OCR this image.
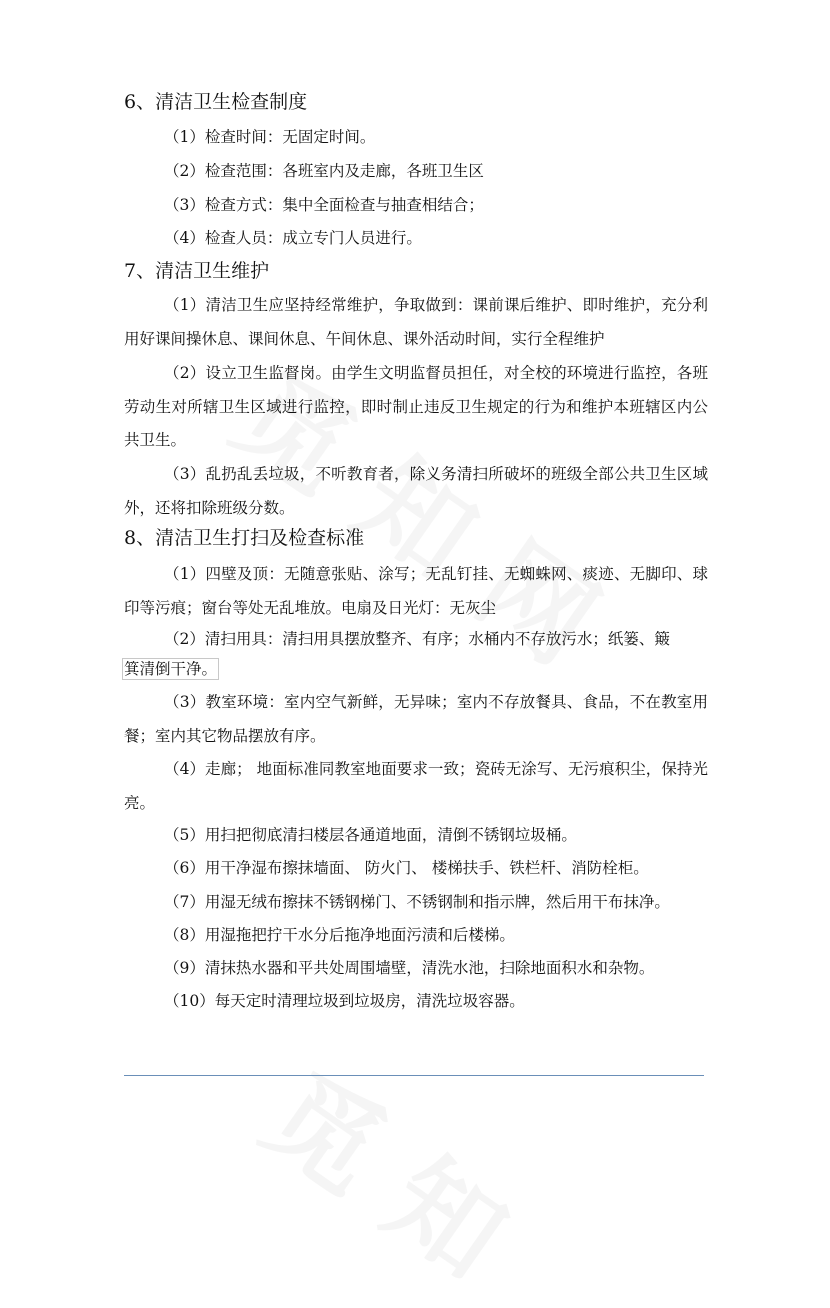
6、清洁卫生检查制度

（1）检查时间：无固定时间。

（2）检查范围：各班室内及走廊，各班卫生区

（3）检查方式：集中全面检查与抽查相结合；

（4）检查人员：成立专门人员进行。

7、清洁卫生维护

（1）清洁卫生应坚持经常维护，争取做到：课前课后维护、即时维护，充分利用好课间操休息、课间休息、午间休息、课外活动时间，实行全程维护

（2）设立卫生监督岗。由学生文明监督员担任，对全校的环境进行监控，各班劳动生对所辖卫生区域进行监控，即时制止违反卫生规定的行为和维护本班辖区内公共卫生。

（3）乱扔乱丢垃圾，不听教育者，除义务清扫所破坏的班级全部公共卫生区域外，还将扣除班级分数。

8、清洁卫生打扫及检查标准

（1）四壁及顶：无随意张贴、涂写；无乱钉挂、无蜘蛛网、痰迹、无脚印、球印等污痕；窗台等处无乱堆放。电扇及日光灯：无灰尘

（2）清扫用具：清扫用具摆放整齐、有序；水桶内不存放污水；纸篓、簸

箕清倒干净。

（3）教室环境：室内空气新鲜，无异味；室内不存放餐具、食品，不在教室用餐；室内其它物品摆放有序。

（4）走廊； 地面标准同教室地面要求一致；瓷砖无涂写、无污痕积尘，保持光亮。

（5）用扫把彻底清扫楼层各通道地面，清倒不锈钢垃圾桶。

（6）用干净湿布擦抹墙面、 防火门、 楼梯扶手、铁栏杆、消防栓柜。

（7）用湿无绒布擦抹不锈钢梯门、不锈钢制和指示牌，然后用干布抹净。

（8）用湿拖把拧干水分后拖净地面污渍和后楼梯。

（9）清抹热水器和平共处周围墙壁，清洗水池，扫除地面积水和杂物。

（10）每天定时清理垃圾到垃圾房，清洗垃圾容器。
